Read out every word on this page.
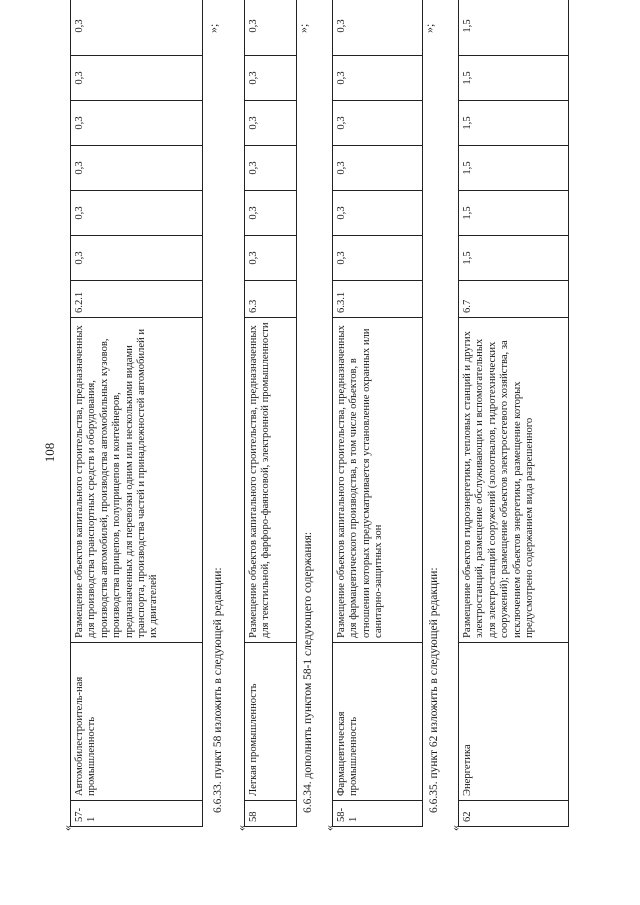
108
«
57-1	Автомобилестроитель-ная промышленность	Размещение объектов капитального строительства, предназначенных для производства транспортных средств и оборудования, производства автомобилей, производства автомобильных кузовов, производства прицепов, полуприцепов и контейнеров, предназначенных для перевозки одним или несколькими видами транспорта, производства частей и принадлежностей автомобилей и их двигателей	6.2.1	0,3	0,3	0,3	0,3	0,3	0,3	»;
6.6.33. пункт 58 изложить в следующей редакции:
«
58	Легкая промышленность	Размещение объектов капитального строительства, предназначенных для текстильной, фарфоро-фаянсовой, электронной промышленности	6.3	0,3	0,3	0,3	0,3	0,3	0,3	»;
6.6.34. дополнить пунктом 58-1 следующего содержания:
«
58-1	Фармацевтическая промышленность	Размещение объектов капитального строительства, предназначенных для фармацевтического производства, в том числе объектов, в отношении которых предусматривается установление охранных или санитарно-защитных зон	6.3.1	0,3	0,3	0,3	0,3	0,3	0,3	»;
6.6.35. пункт 62 изложить в следующей редакции:
«
62	Энергетика	Размещение объектов гидроэнергетики, тепловых станций и других электростанций, размещение обслуживающих и вспомогательных для электростанций сооружений (золоотвалов, гидротехнических сооружений); размещение объектов электросетевого хозяйства, за исключением объектов энергетики, размещение которых предусмотрено содержанием вида разрешенного	6.7	1,5	1,5	1,5	1,5	1,5	1,5
